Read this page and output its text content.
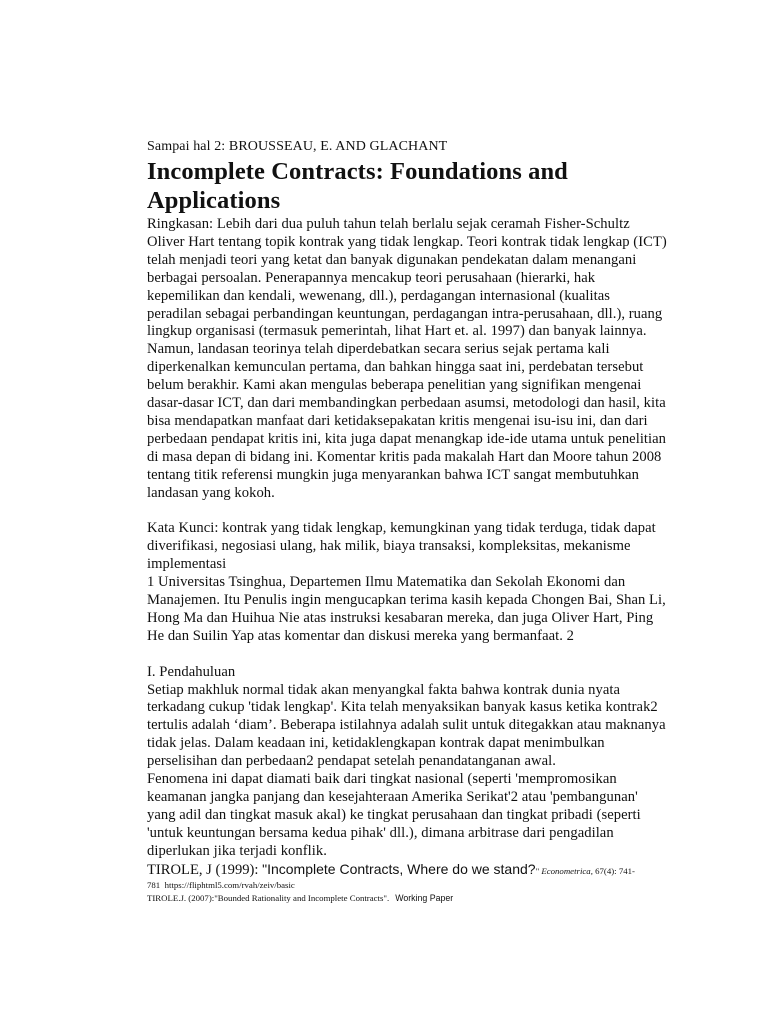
Sampai hal 2: BROUSSEAU, E. AND GLACHANT

Incomplete Contracts: Foundations and Applications

Ringkasan: Lebih dari dua puluh tahun telah berlalu sejak ceramah Fisher-Schultz Oliver Hart tentang topik kontrak yang tidak lengkap. Teori kontrak tidak lengkap (ICT) telah menjadi teori yang ketat dan banyak digunakan pendekatan dalam menangani berbagai persoalan. Penerapannya mencakup teori perusahaan (hierarki, hak kepemilikan dan kendali, wewenang, dll.), perdagangan internasional (kualitas peradilan sebagai perbandingan keuntungan, perdagangan intra-perusahaan, dll.), ruang lingkup organisasi (termasuk pemerintah, lihat Hart et. al. 1997) dan banyak lainnya. Namun, landasan teorinya telah diperdebatkan secara serius sejak pertama kali diperkenalkan kemunculan pertama, dan bahkan hingga saat ini, perdebatan tersebut belum berakhir. Kami akan mengulas beberapa penelitian yang signifikan mengenai dasar-dasar ICT, dan dari membandingkan perbedaan asumsi, metodologi dan hasil, kita bisa mendapatkan manfaat dari ketidaksepakatan kritis mengenai isu-isu ini, dan dari perbedaan pendapat kritis ini, kita juga dapat menangkap ide-ide utama untuk penelitian di masa depan di bidang ini. Komentar kritis pada makalah Hart dan Moore tahun 2008 tentang titik referensi mungkin juga menyarankan bahwa ICT sangat membutuhkan landasan yang kokoh.

Kata Kunci: kontrak yang tidak lengkap, kemungkinan yang tidak terduga, tidak dapat diverifikasi, negosiasi ulang, hak milik, biaya transaksi, kompleksitas, mekanisme implementasi

1 Universitas Tsinghua, Departemen Ilmu Matematika dan Sekolah Ekonomi dan Manajemen. Itu Penulis ingin mengucapkan terima kasih kepada Chongen Bai, Shan Li, Hong Ma dan Huihua Nie atas instruksi kesabaran mereka, dan juga Oliver Hart, Ping He dan Suilin Yap atas komentar dan diskusi mereka yang bermanfaat. 2

I. Pendahuluan

Setiap makhluk normal tidak akan menyangkal fakta bahwa kontrak dunia nyata terkadang cukup 'tidak lengkap'. Kita telah menyaksikan banyak kasus ketika kontrak2 tertulis adalah ‘diam’. Beberapa istilahnya adalah sulit untuk ditegakkan atau maknanya tidak jelas. Dalam keadaan ini, ketidaklengkapan kontrak dapat menimbulkan perselisihan dan perbedaan2 pendapat setelah penandatanganan awal.

Fenomena ini dapat diamati baik dari tingkat nasional (seperti 'mempromosikan keamanan jangka panjang dan kesejahteraan Amerika Serikat'2 atau 'pembangunan' yang adil dan tingkat masuk akal) ke tingkat perusahaan dan tingkat pribadi (seperti 'untuk keuntungan bersama kedua pihak' dll.), dimana arbitrase dari pengadilan diperlukan jika terjadi konflik.

TIROLE, J (1999): "Incomplete Contracts, Where do we stand?" Econometrica, 67(4): 741-

781 https://fliphtml5.com/rvah/zeiv/basic

TIROLE.J. (2007):"Bounded Rationality and Incomplete Contracts". Working Paper
